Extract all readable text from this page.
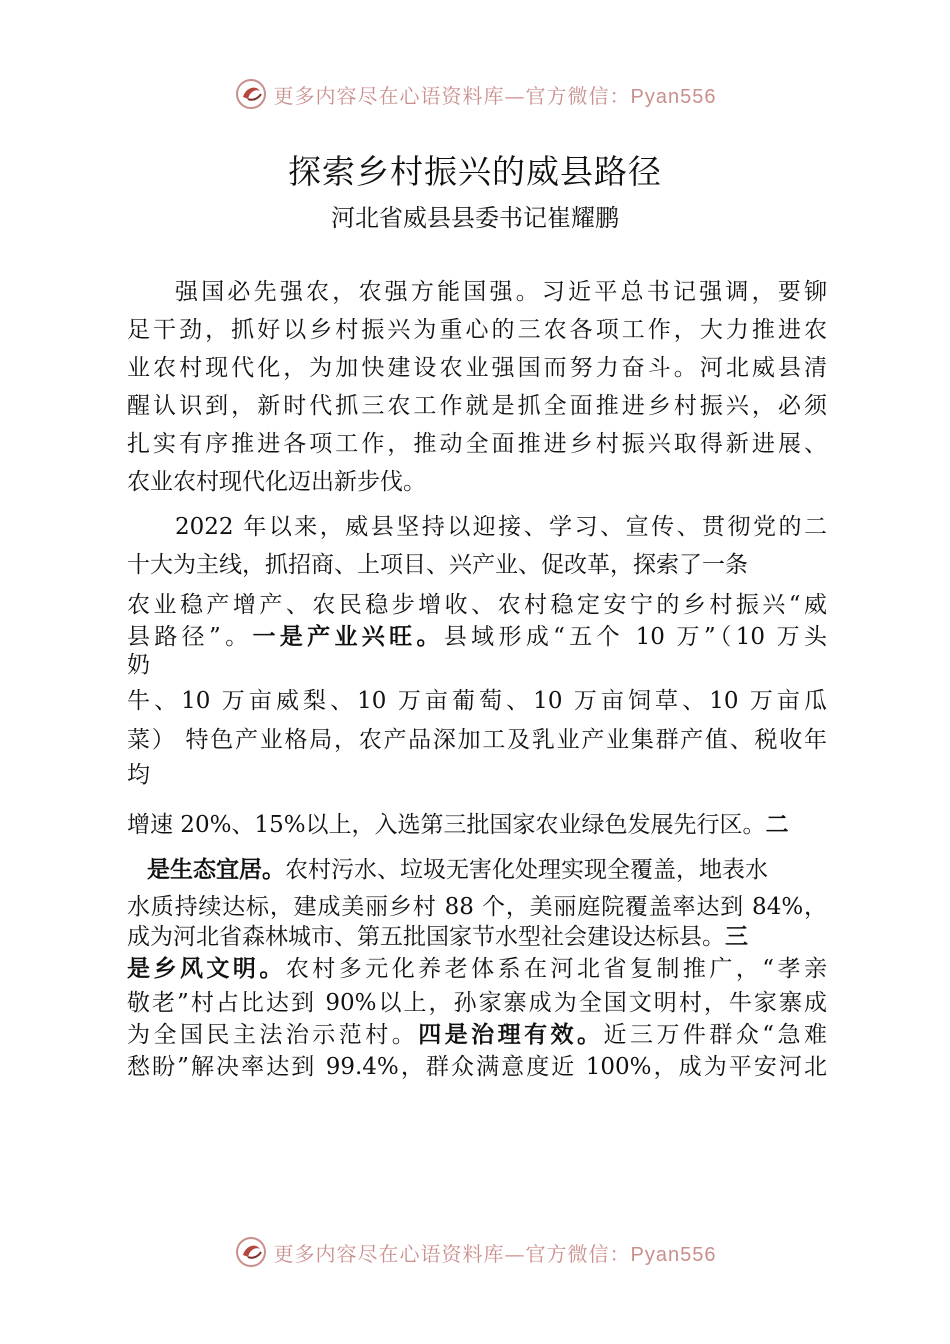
更多内容尽在心语资料库—官方微信：Pyan556
探索乡村振兴的威县路径
河北省威县县委书记崔耀鹏
强国必先强农，农强方能国强。习近平总书记强调，要铆
足干劲，抓好以乡村振兴为重心的三农各项工作，大力推进农
业农村现代化，为加快建设农业强国而努力奋斗。河北威县清
醒认识到，新时代抓三农工作就是抓全面推进乡村振兴，必须
扎实有序推进各项工作，推动全面推进乡村振兴取得新进展、
农业农村现代化迈出新步伐。
2022 年以来，威县坚持以迎接、学习、宣传、贯彻党的二
十大为主线，抓招商、上项目、兴产业、促改革，探索了一条
农业稳产增产、农民稳步增收、农村稳定安宁的乡村振兴“威
县路径”。一是产业兴旺。县域形成“五个 10 万”（10 万头
奶
牛、10 万亩威梨、10 万亩葡萄、10 万亩饲草、10 万亩瓜
菜） 特色产业格局，农产品深加工及乳业产业集群产值、税收年
均
增速 20%、15%以上，入选第三批国家农业绿色发展先行区。二
是生态宜居。农村污水、垃圾无害化处理实现全覆盖，地表水
水质持续达标，建成美丽乡村 88 个，美丽庭院覆盖率达到 84%，
成为河北省森林城市、第五批国家节水型社会建设达标县。三
是乡风文明。农村多元化养老体系在河北省复制推广，“孝亲
敬老”村占比达到 90%以上，孙家寨成为全国文明村，牛家寨成
为全国民主法治示范村。四是治理有效。近三万件群众“急难
愁盼”解决率达到 99.4%，群众满意度近 100%，成为平安河北
更多内容尽在心语资料库—官方微信：Pyan556
